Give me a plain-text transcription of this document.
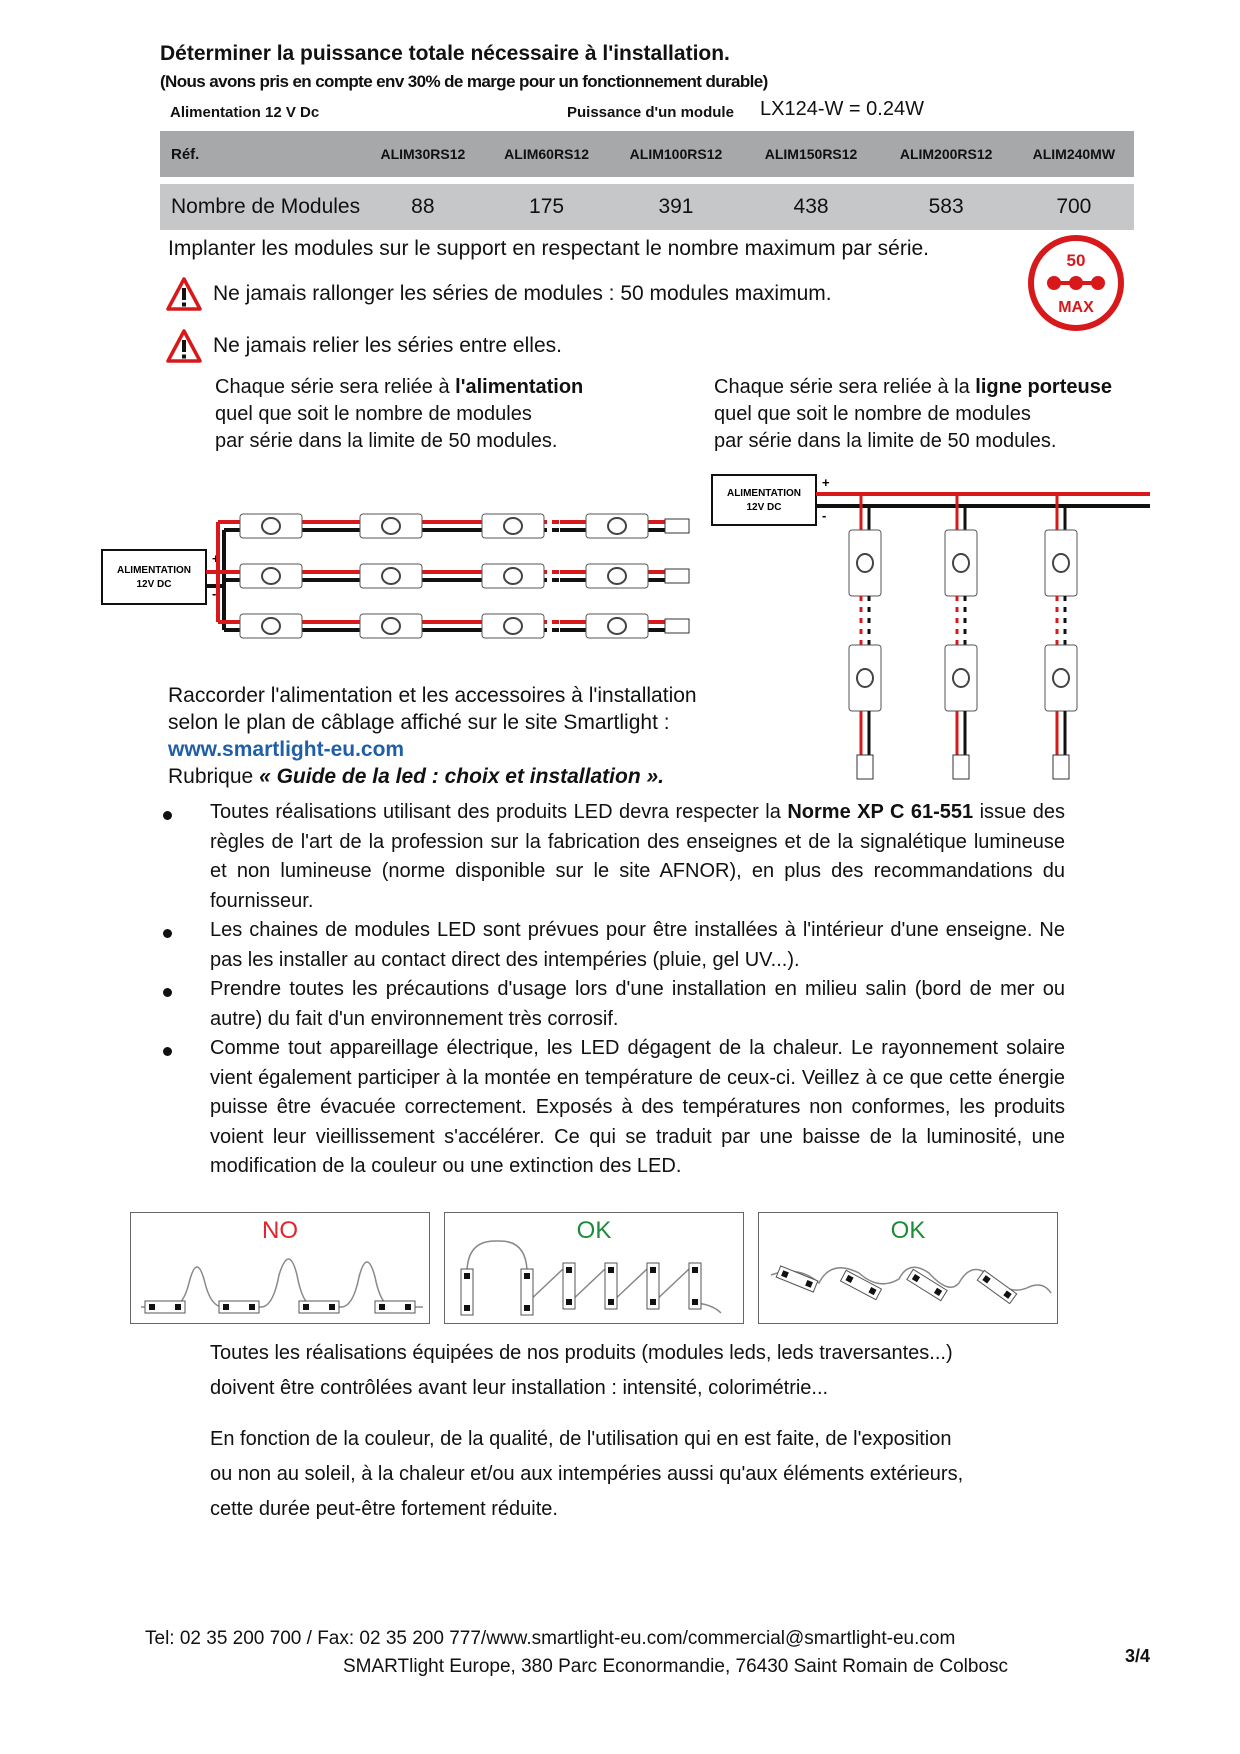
Déterminer la puissance totale nécessaire à l'installation.
(Nous avons pris en compte env 30% de marge pour un fonctionnement durable)
Alimentation 12 V Dc	Puissance d'un module LX124-W = 0.24W
Réf.	ALIM30RS12	ALIM60RS12	ALIM100RS12	ALIM150RS12	ALIM200RS12	ALIM240MW

Nombre de Modules	88	175	391	438	583	700
Implanter les modules sur le support en respectant le nombre maximum par série.
Ne jamais rallonger les séries de modules : 50 modules maximum.
Ne jamais relier les séries entre elles.
50
MAX
Chaque série sera reliée à l'alimentation
quel que soit le nombre de modules
par série dans la limite de 50 modules.
Chaque série sera reliée à la ligne porteuse
quel que soit le nombre de modules
par série dans la limite de 50 modules.
ALIMENTATION
12V DC
+
-
ALIMENTATION
12V DC
+
-
Raccorder l'alimentation et les accessoires à l'installation
selon le plan de câblage affiché sur le site Smartlight :
www.smartlight-eu.com
Rubrique « Guide de la led : choix et installation ».
Toutes réalisations utilisant des produits LED devra respecter la Norme XP C 61-551 issue des règles de l'art de la profession sur la fabrication des enseignes et de la signalétique lumineuse et non lumineuse (norme disponible sur le site AFNOR), en plus des recommandations du fournisseur.
Les chaines de modules LED sont prévues pour être installées à l'intérieur d'une enseigne. Ne pas les installer au contact direct des intempéries (pluie, gel UV...).
Prendre toutes les précautions d'usage lors d'une installation en milieu salin (bord de mer ou autre) du fait d'un environnement très corrosif.
Comme tout appareillage électrique, les LED dégagent de la chaleur. Le rayonnement solaire vient également participer à la montée en température de ceux-ci. Veillez à ce que cette énergie puisse être évacuée correctement. Exposés à des températures non conformes, les produits voient leur vieillissement s'accélérer. Ce qui se traduit par une baisse de la luminosité, une modification de la couleur ou une extinction des LED.
NO	OK	OK
Toutes les réalisations équipées de nos produits (modules leds, leds traversantes...)
doivent être contrôlées avant leur installation : intensité, colorimétrie...
En fonction de la couleur, de la qualité, de l'utilisation qui en est faite, de l'exposition
ou non au soleil, à la chaleur et/ou aux intempéries aussi qu'aux éléments extérieurs,
cette durée peut-être fortement réduite.
Tel: 02 35 200 700 / Fax: 02 35 200 777/www.smartlight-eu.com/commercial@smartlight-eu.com
SMARTlight Europe, 380 Parc Econormandie, 76430 Saint Romain de Colbosc	3/4
